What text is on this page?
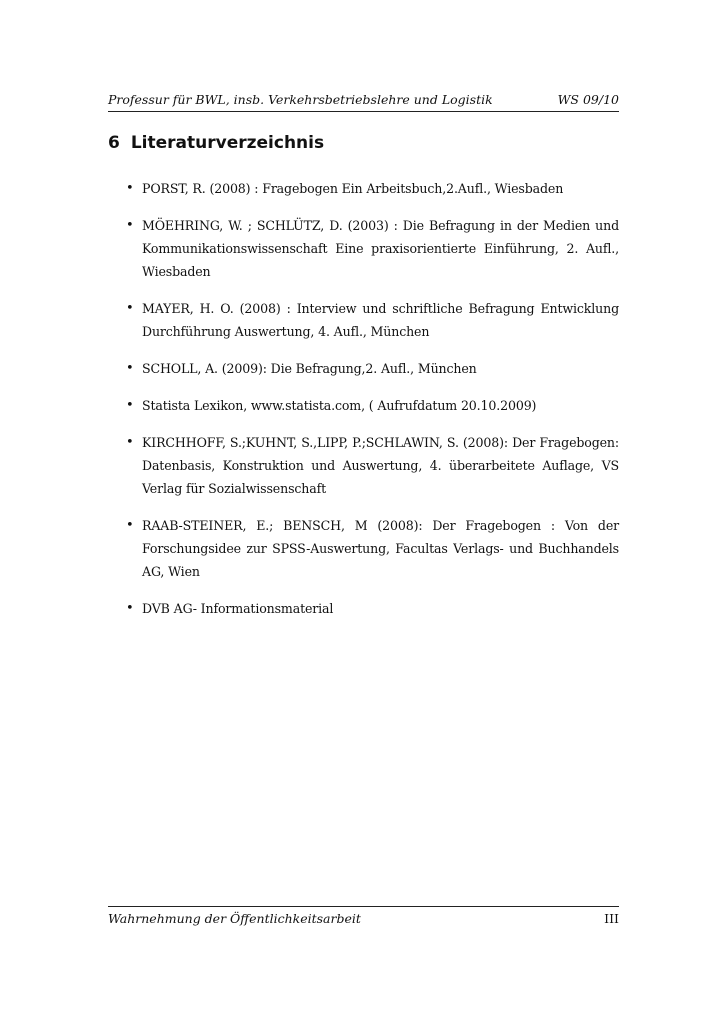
Professur für BWL, insb. Verkehrsbetriebslehre und Logistik	WS 09/10
6 Literaturverzeichnis
• PORST, R. (2008) : Fragebogen Ein Arbeitsbuch,2.Aufl., Wiesbaden
• MÖEHRING, W. ; SCHLÜTZ, D. (2003) : Die Befragung in der Medien und Kommunikationswissenschaft Eine praxisorientierte Einführung, 2. Aufl., Wiesbaden
• MAYER, H. O. (2008) : Interview und schriftliche Befragung Entwicklung Durchführung Auswertung, 4. Aufl., München
• SCHOLL, A. (2009): Die Befragung,2. Aufl., München
• Statista Lexikon, www.statista.com, ( Aufrufdatum 20.10.2009)
• KIRCHHOFF, S.;KUHNT, S.,LIPP, P.;SCHLAWIN, S. (2008): Der Fragebogen: Datenbasis, Konstruktion und Auswertung, 4. überarbeitete Auflage, VS Verlag für Sozialwissenschaft
• RAAB-STEINER, E.; BENSCH, M (2008): Der Fragebogen : Von der Forschungsidee zur SPSS-Auswertung, Facultas Verlags- und Buchhandels AG, Wien
• DVB AG- Informationsmaterial
Wahrnehmung der Öffentlichkeitsarbeit	III
